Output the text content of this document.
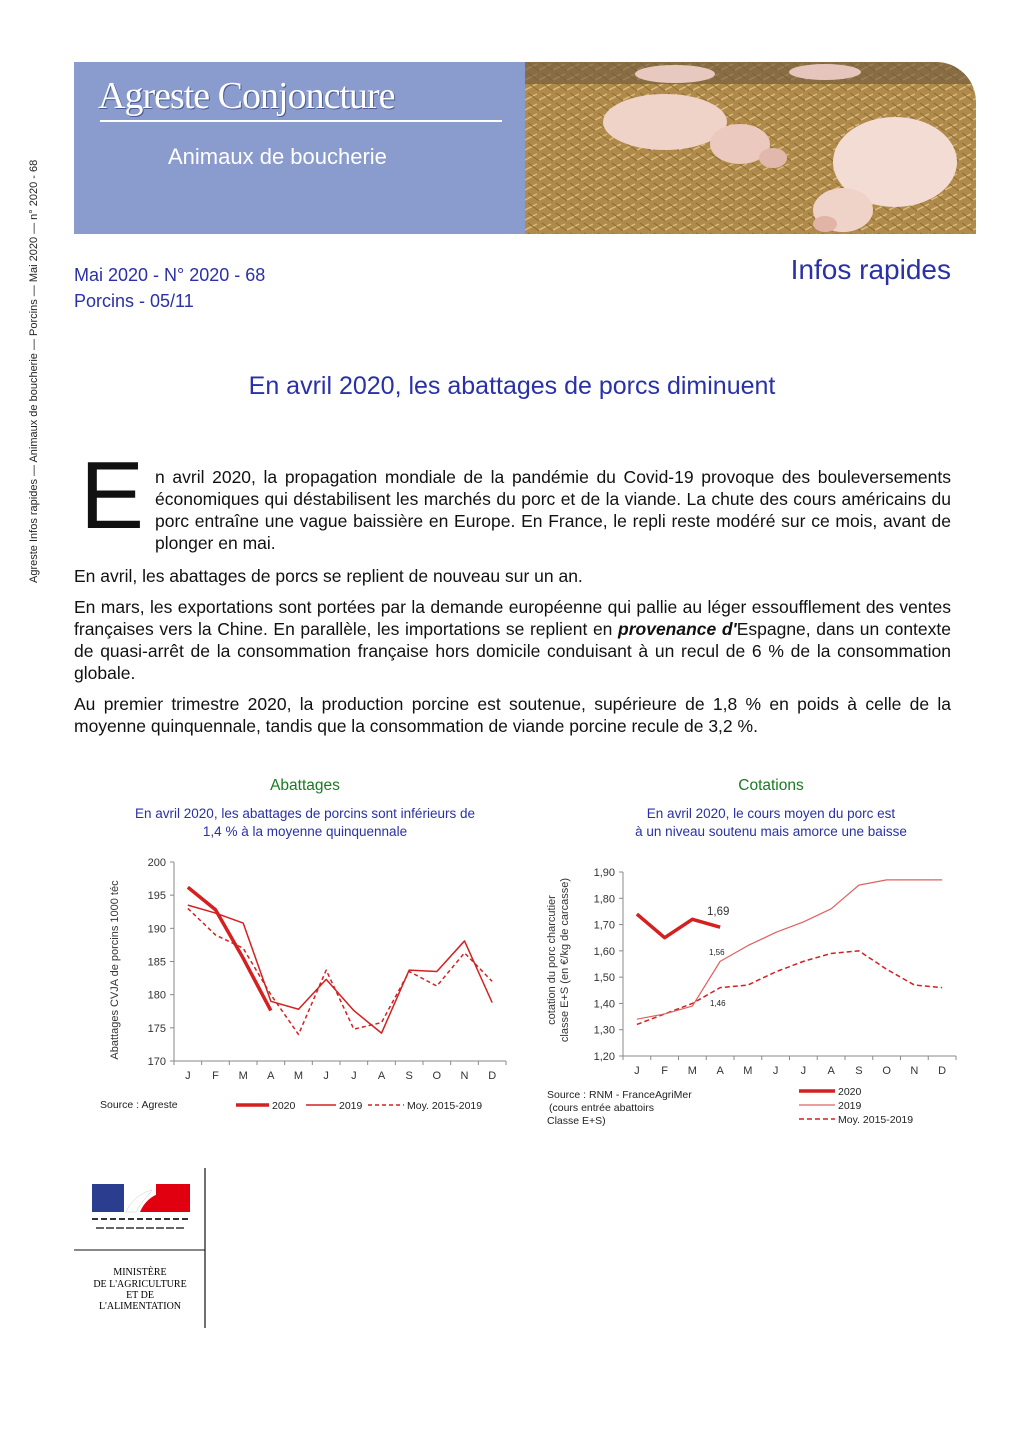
Agreste Infos rapides — Animaux de boucherie — Porcins — Mai 2020 — n° 2020 - 68
Agreste Conjoncture
Animaux de boucherie
Mai 2020 - N° 2020 - 68
Porcins - 05/11
Infos rapides
En avril 2020, les abattages de porcs diminuent
E n avril 2020, la propagation mondiale de la pandémie du Covid-19 provoque des bouleversements économiques qui déstabilisent les marchés du porc et de la viande. La chute des cours américains du porc entraîne une vague baissière en Europe. En France, le repli reste modéré sur ce mois, avant de plonger en mai.
En avril, les abattages de porcs se replient de nouveau sur un an.
En mars, les exportations sont portées par la demande européenne qui pallie au léger essoufflement des ventes françaises vers la Chine. En parallèle, les importations se replient en provenance d'Espagne, dans un contexte de quasi-arrêt de la consommation française hors domicile conduisant à un recul de 6 % de la consommation globale.
Au premier trimestre 2020, la production porcine est soutenue, supérieure de 1,8 % en poids à celle de la moyenne quinquennale, tandis que la consommation de viande porcine recule de 3,2 %.
Abattages
En avril 2020, les abattages de porcins sont inférieurs de
1,4 % à la moyenne quinquennale
Abattages CVJA de porcins 1000 téc
200
195
190
185
180
175
170
J F M A M J J A S O N D
Source : Agreste	2020	2019	Moy. 2015-2019
Cotations
En avril 2020, le cours moyen du porc est
à un niveau soutenu mais amorce une baisse
cotation du porc charcutier classe E+S (en €/kg de carcasse)
1,90
1,80
1,70
1,60
1,50
1,40
1,30
1,20
J F M A M J J A S O N D
1,69
1,56
1,46
Source : RNM - FranceAgriMer
(cours entrée abattoirs
Classe E+S)
2020
2019
Moy. 2015-2019
MINISTÈRE
DE L'AGRICULTURE
ET DE
L'ALIMENTATION
